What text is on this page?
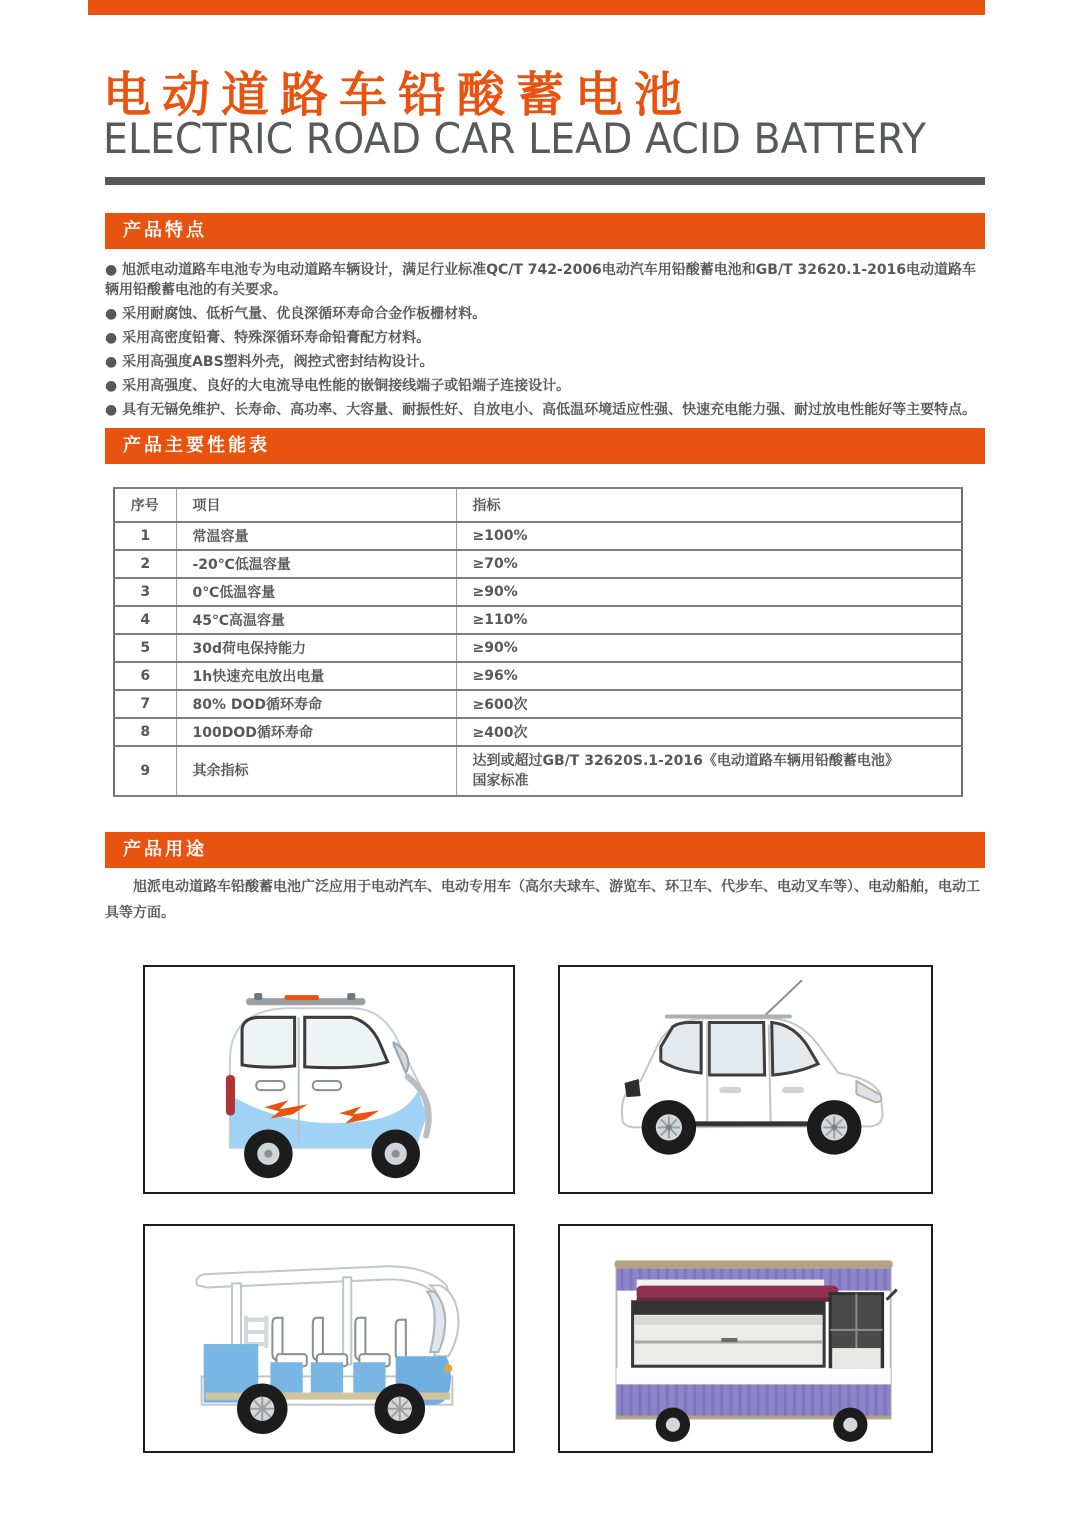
电动道路车铅酸蓄电池
ELECTRIC ROAD CAR LEAD ACID BATTERY
产品特点
● 旭派电动道路车电池专为电动道路车辆设计，满足行业标准QC/T 742-2006电动汽车用铅酸蓄电池和GB/T 32620.1-2016电动道路车辆用铅酸蓄电池的有关要求。
● 采用耐腐蚀、低析气量、优良深循环寿命合金作板栅材料。
● 采用高密度铅膏、特殊深循环寿命铅膏配方材料。
● 采用高强度ABS塑料外壳，阀控式密封结构设计。
● 采用高强度、良好的大电流导电性能的嵌铜接线端子或铅端子连接设计。
● 具有无镉免维护、长寿命、高功率、大容量、耐振性好、自放电小、高低温环境适应性强、快速充电能力强、耐过放电性能好等主要特点。
产品主要性能表
序号	项目	指标
1	常温容量	≥100%
2	-20℃低温容量	≥70%
3	0℃低温容量	≥90%
4	45℃高温容量	≥110%
5	30d荷电保持能力	≥90%
6	1h快速充电放出电量	≥96%
7	80% DOD循环寿命	≥600次
8	100DOD循环寿命	≥400次
9	其余指标	达到或超过GB/T 32620S.1-2016《电动道路车辆用铅酸蓄电池》
国家标准
产品用途

旭派电动道路车铅酸蓄电池广泛应用于电动汽车、电动专用车（高尔夫球车、游览车、环卫车、代步车、电动叉车等）、电动船舶，电动工具等方面。
